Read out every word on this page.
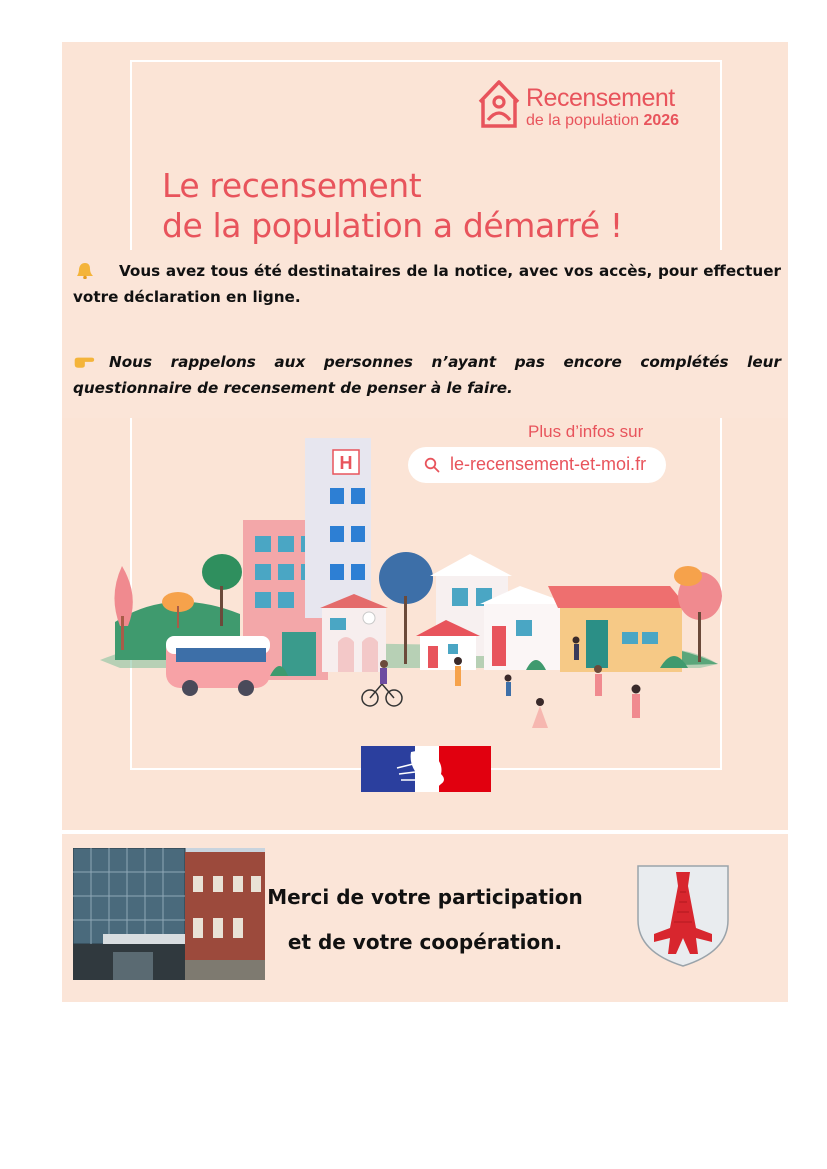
Recensement
de la population 2026
Le recensement
de la population a démarré !
Vous avez tous été destinataires de la notice, avec vos accès, pour effectuer votre déclaration en ligne.
Nous rappelons aux personnes n’ayant pas encore complétés leur questionnaire de recensement de penser à le faire.
Plus d’infos sur
le-recensement-et-moi.fr
H
Merci de votre participation
et de votre coopération.
